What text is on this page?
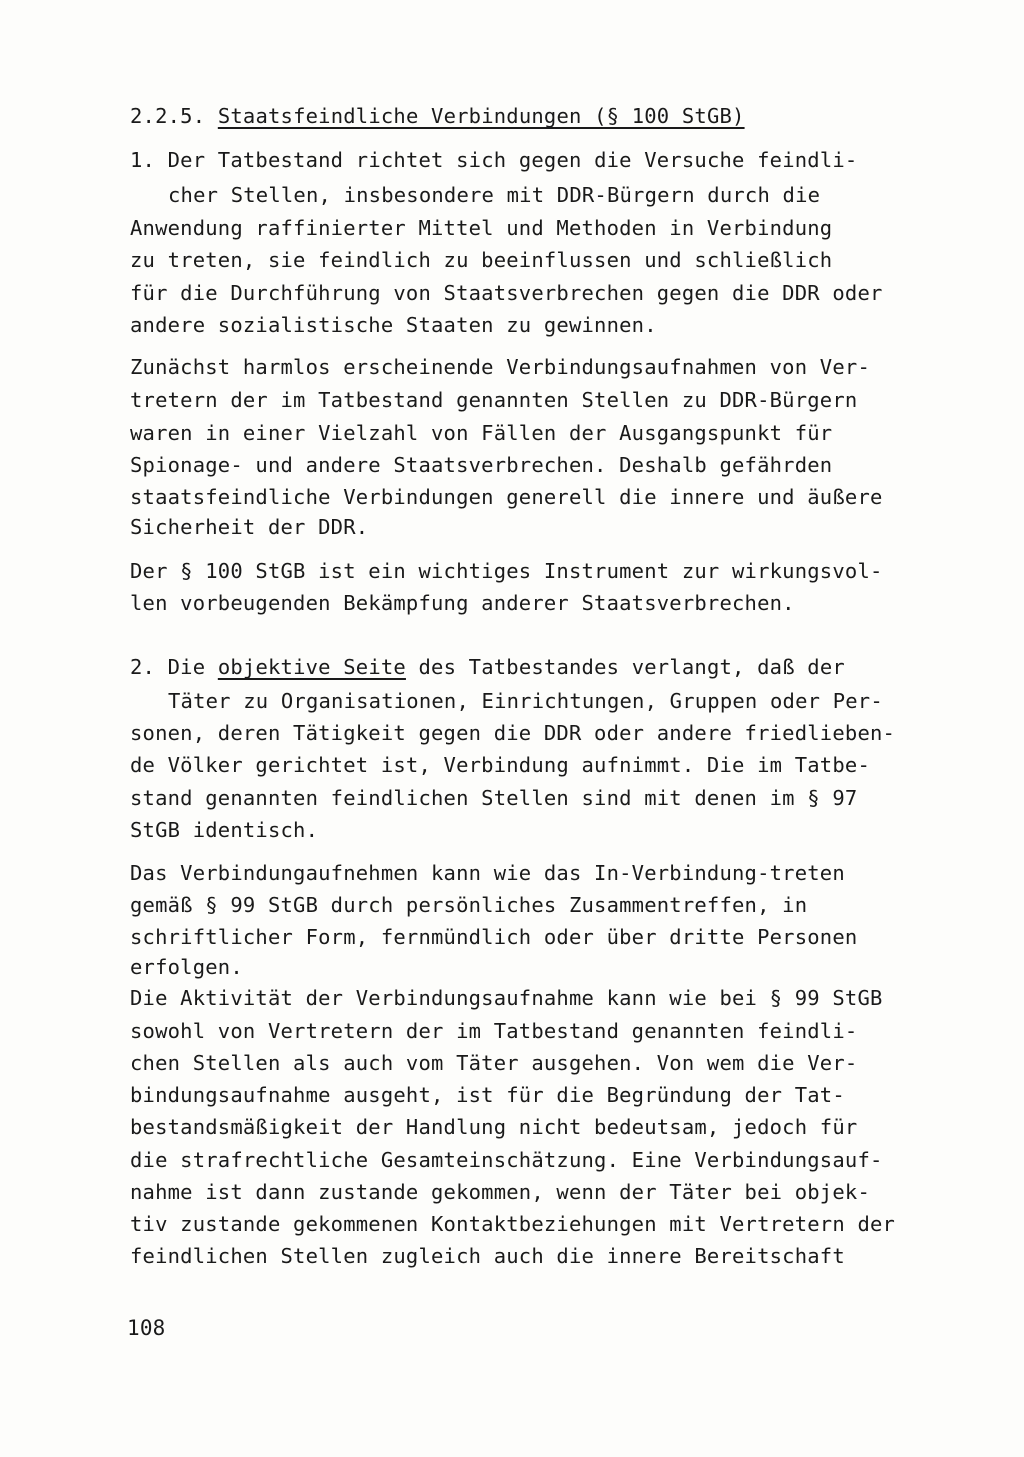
2.2.5. Staatsfeindliche Verbindungen (§ 100 StGB)
1. Der Tatbestand richtet sich gegen die Versuche feindli-
cher Stellen, insbesondere mit DDR-Bürgern durch die
Anwendung raffinierter Mittel und Methoden in Verbindung
zu treten, sie feindlich zu beeinflussen und schließlich
für die Durchführung von Staatsverbrechen gegen die DDR oder
andere sozialistische Staaten zu gewinnen.
Zunächst harmlos erscheinende Verbindungsaufnahmen von Ver-
tretern der im Tatbestand genannten Stellen zu DDR-Bürgern
waren in einer Vielzahl von Fällen der Ausgangspunkt für
Spionage- und andere Staatsverbrechen. Deshalb gefährden
staatsfeindliche Verbindungen generell die innere und äußere
Sicherheit der DDR.
Der § 100 StGB ist ein wichtiges Instrument zur wirkungsvol-
len vorbeugenden Bekämpfung anderer Staatsverbrechen.
2. Die objektive Seite des Tatbestandes verlangt, daß der
Täter zu Organisationen, Einrichtungen, Gruppen oder Per-
sonen, deren Tätigkeit gegen die DDR oder andere friedlieben-
de Völker gerichtet ist, Verbindung aufnimmt. Die im Tatbe-
stand genannten feindlichen Stellen sind mit denen im § 97
StGB identisch.
Das Verbindungaufnehmen kann wie das In-Verbindung-treten
gemäß § 99 StGB durch persönliches Zusammentreffen, in
schriftlicher Form, fernmündlich oder über dritte Personen
erfolgen.
Die Aktivität der Verbindungsaufnahme kann wie bei § 99 StGB
sowohl von Vertretern der im Tatbestand genannten feindli-
chen Stellen als auch vom Täter ausgehen. Von wem die Ver-
bindungsaufnahme ausgeht, ist für die Begründung der Tat-
bestandsmäßigkeit der Handlung nicht bedeutsam, jedoch für
die strafrechtliche Gesamteinschätzung. Eine Verbindungsauf-
nahme ist dann zustande gekommen, wenn der Täter bei objek-
tiv zustande gekommenen Kontaktbeziehungen mit Vertretern der
feindlichen Stellen zugleich auch die innere Bereitschaft
108
